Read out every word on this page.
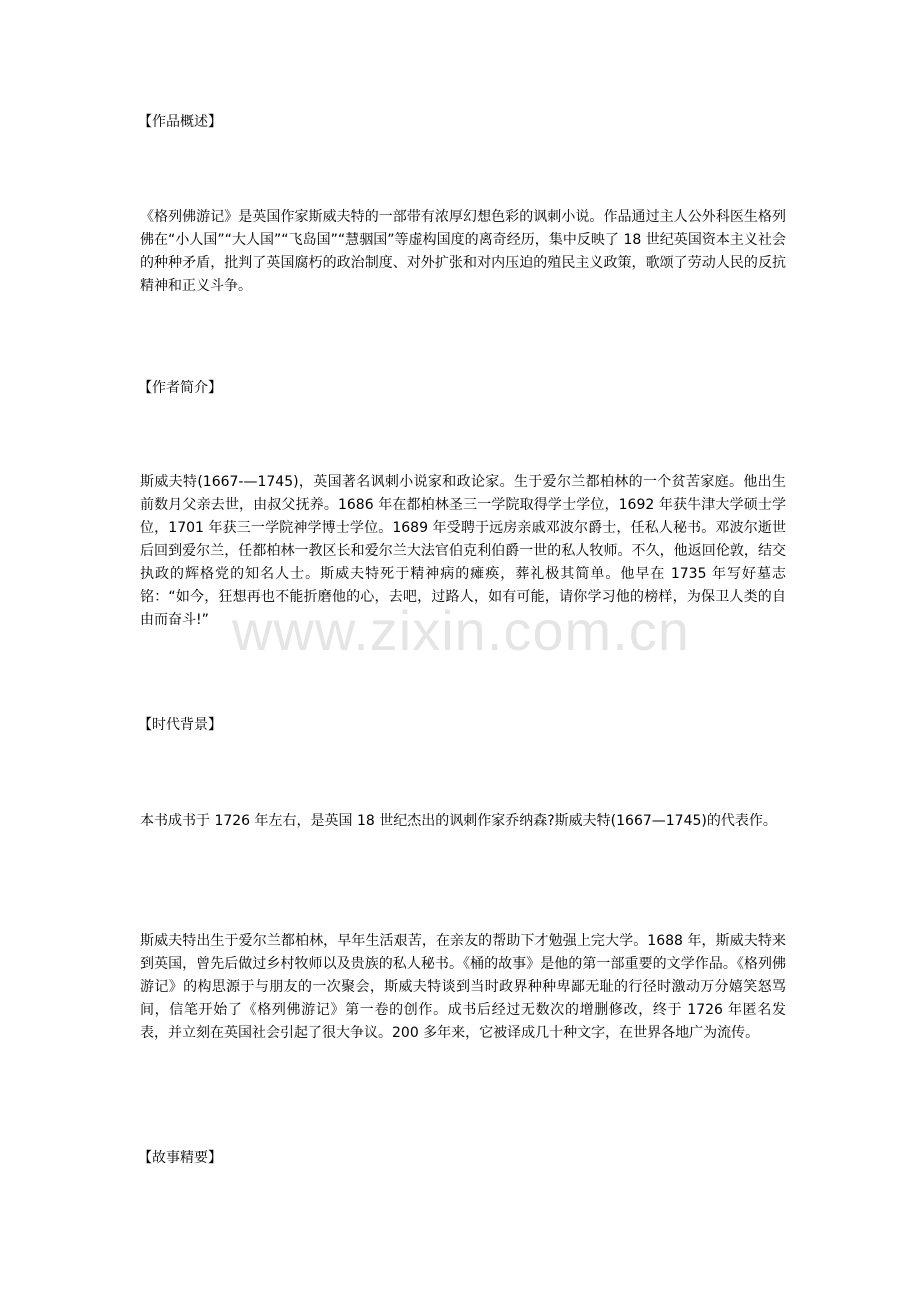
【作品概述】
《格列佛游记》是英国作家斯威夫特的一部带有浓厚幻想色彩的讽刺小说。作品通过主人公外科医生格列佛在“小人国”“大人国”“飞岛国”“慧骃国”等虚构国度的离奇经历，集中反映了 18 世纪英国资本主义社会的种种矛盾，批判了英国腐朽的政治制度、对外扩张和对内压迫的殖民主义政策，歌颂了劳动人民的反抗精神和正义斗争。
【作者简介】
斯威夫特(1667-—1745)，英国著名讽刺小说家和政论家。生于爱尔兰都柏林的一个贫苦家庭。他出生前数月父亲去世，由叔父抚养。1686 年在都柏林圣三一学院取得学士学位，1692 年获牛津大学硕士学位，1701 年获三一学院神学博士学位。1689 年受聘于远房亲戚邓波尔爵士，任私人秘书。邓波尔逝世后回到爱尔兰，任都柏林一教区长和爱尔兰大法官伯克利伯爵一世的私人牧师。不久，他返回伦敦，结交执政的辉格党的知名人士。斯威夫特死于精神病的瘫痪，葬礼极其简单。他早在 1735 年写好墓志铭：“如今，狂想再也不能折磨他的心，去吧，过路人，如有可能，请你学习他的榜样，为保卫人类的自由而奋斗!” www.zixin.com.cn
【时代背景】
本书成书于 1726 年左右，是英国 18 世纪杰出的讽刺作家乔纳森?斯威夫特(1667—1745)的代表作。
斯威夫特出生于爱尔兰都柏林，早年生活艰苦，在亲友的帮助下才勉强上完大学。1688 年，斯威夫特来到英国，曾先后做过乡村牧师以及贵族的私人秘书。《桶的故事》是他的第一部重要的文学作品。《格列佛游记》的构思源于与朋友的一次聚会，斯威夫特谈到当时政界种种卑鄙无耻的行径时激动万分嬉笑怒骂间，信笔开始了《格列佛游记》第一卷的创作。成书后经过无数次的增删修改，终于 1726 年匿名发表，并立刻在英国社会引起了很大争议。200 多年来，它被译成几十种文字，在世界各地广为流传。
【故事精要】
